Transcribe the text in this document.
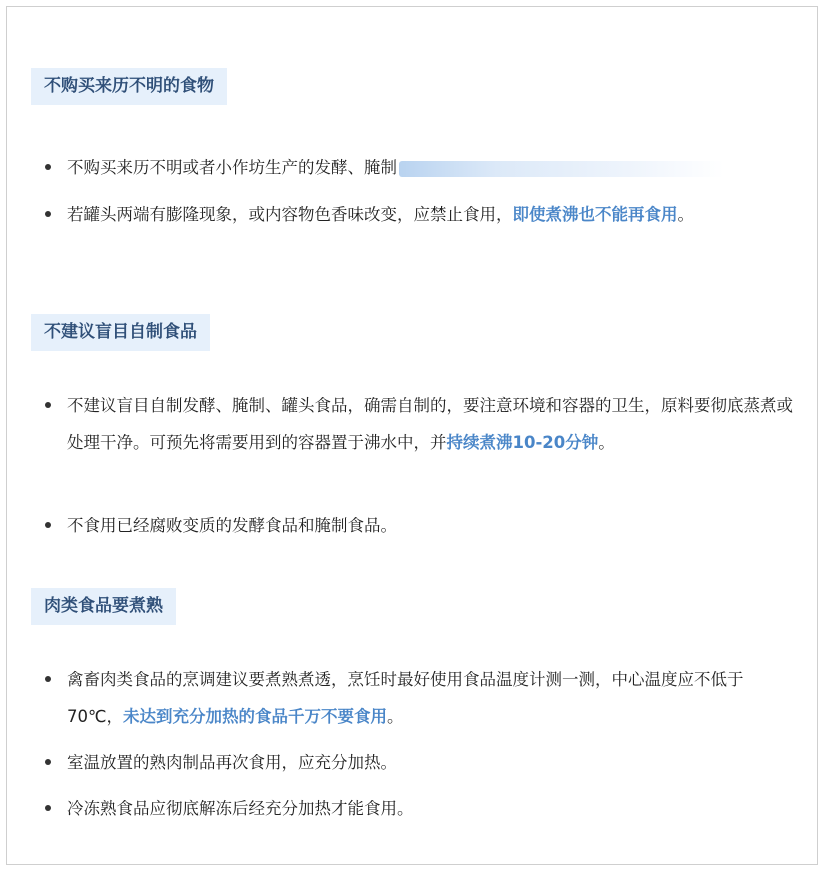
不购买来历不明的食物
不购买来历不明或者小作坊生产的发酵、腌制
若罐头两端有膨隆现象，或内容物色香味改变，应禁止食用，即使煮沸也不能再食用。
不建议盲目自制食品
不建议盲目自制发酵、腌制、罐头食品，确需自制的，要注意环境和容器的卫生，原料要彻底蒸煮或处理干净。可预先将需要用到的容器置于沸水中，并持续煮沸10-20分钟。
不食用已经腐败变质的发酵食品和腌制食品。
肉类食品要煮熟
禽畜肉类食品的烹调建议要煮熟煮透，烹饪时最好使用食品温度计测一测，中心温度应不低于70℃，未达到充分加热的食品千万不要食用。
室温放置的熟肉制品再次食用，应充分加热。
冷冻熟食品应彻底解冻后经充分加热才能食用。
